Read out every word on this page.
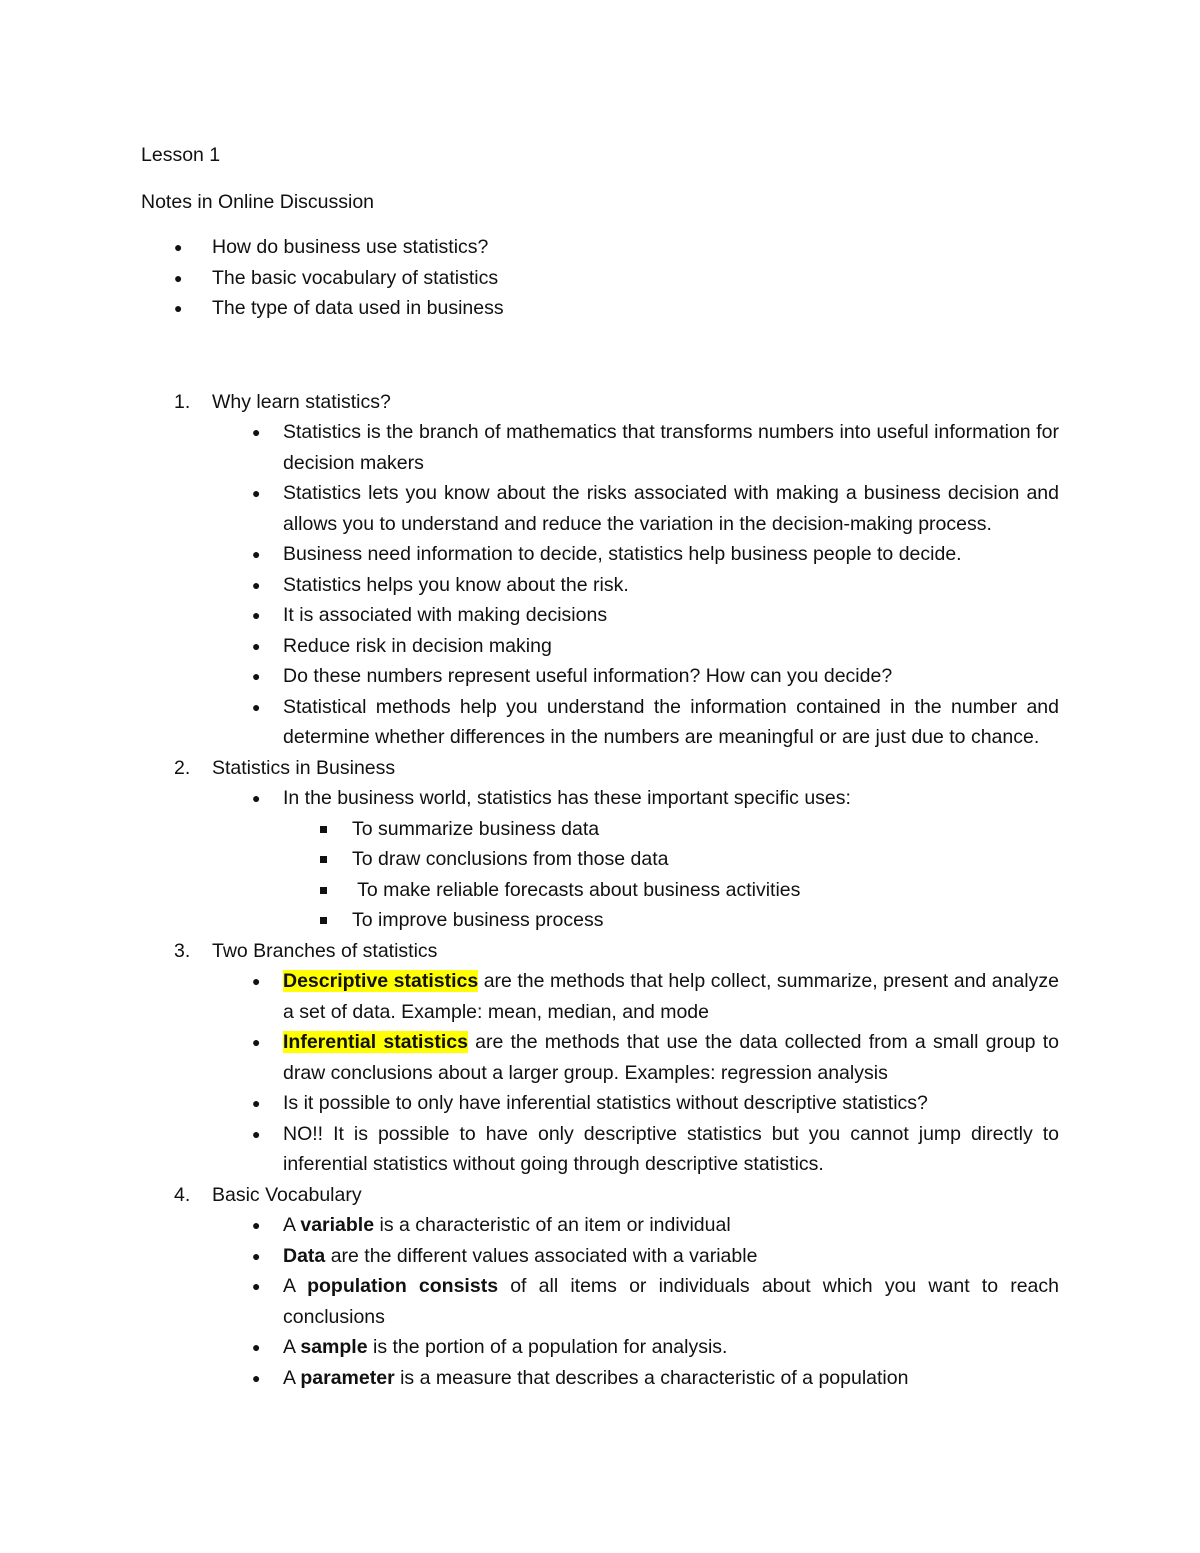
Lesson 1

Notes in Online Discussion

● How do business use statistics?
● The basic vocabulary of statistics
● The type of data used in business
1. Why learn statistics?
● Statistics is the branch of mathematics that transforms numbers into useful information for decision makers
● Statistics lets you know about the risks associated with making a business decision and allows you to understand and reduce the variation in the decision-making process.
● Business need information to decide, statistics help business people to decide.
● Statistics helps you know about the risk.
● It is associated with making decisions
● Reduce risk in decision making
● Do these numbers represent useful information? How can you decide?
● Statistical methods help you understand the information contained in the number and determine whether differences in the numbers are meaningful or are just due to chance.
2. Statistics in Business
● In the business world, statistics has these important specific uses:
To summarize business data
To draw conclusions from those data
To make reliable forecasts about business activities
To improve business process
3. Two Branches of statistics
● Descriptive statistics are the methods that help collect, summarize, present and analyze a set of data. Example: mean, median, and mode
● Inferential statistics are the methods that use the data collected from a small group to draw conclusions about a larger group. Examples: regression analysis
● Is it possible to only have inferential statistics without descriptive statistics?
● NO!! It is possible to have only descriptive statistics but you cannot jump directly to inferential statistics without going through descriptive statistics.
4. Basic Vocabulary
● A variable is a characteristic of an item or individual
● Data are the different values associated with a variable
● A population consists of all items or individuals about which you want to reach conclusions
● A sample is the portion of a population for analysis.
● A parameter is a measure that describes a characteristic of a population
